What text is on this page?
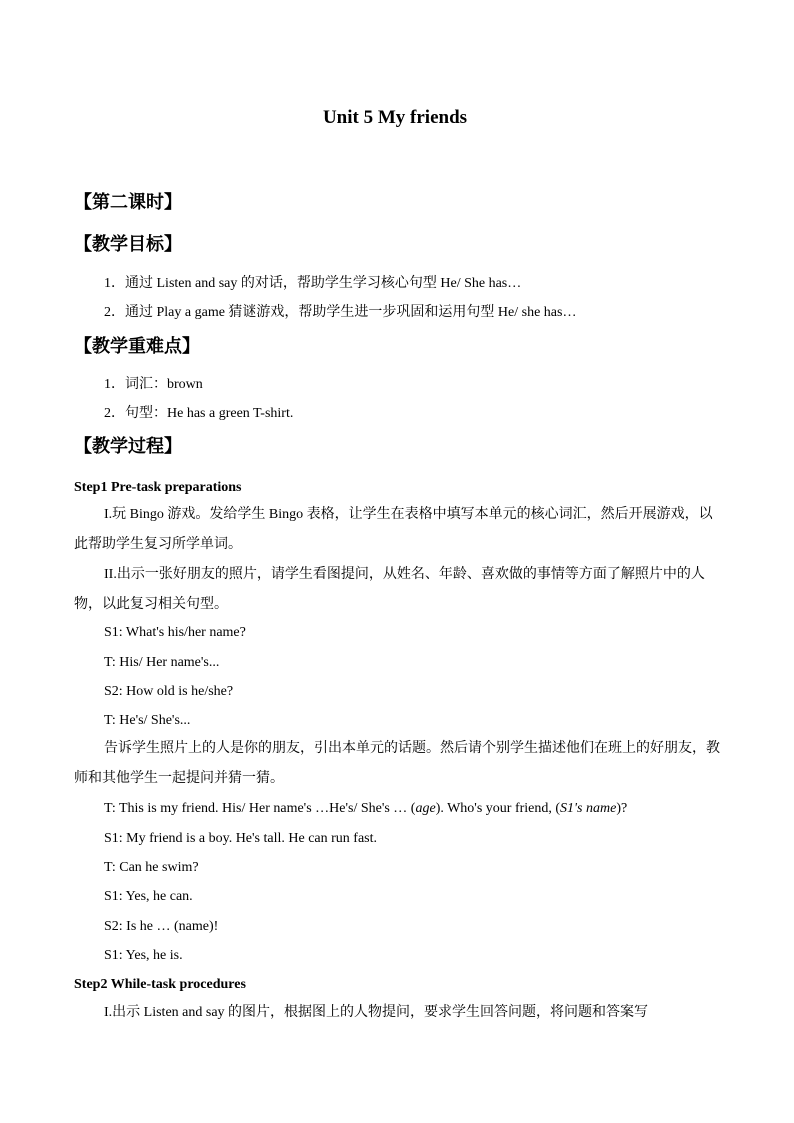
Unit 5 My friends
【第二课时】
【教学目标】
1．通过 Listen and say 的对话，帮助学生学习核心句型 He/ She has…
2．通过 Play a game 猜谜游戏，帮助学生进一步巩固和运用句型 He/ she has…
【教学重难点】
1．词汇：brown
2．句型：He has a green T-shirt.
【教学过程】
Step1 Pre-task preparations
I.玩 Bingo 游戏。发给学生 Bingo 表格，让学生在表格中填写本单元的核心词汇，然后开展游戏，以此帮助学生复习所学单词。
II.出示一张好朋友的照片，请学生看图提问，从姓名、年龄、喜欢做的事情等方面了解照片中的人物，以此复习相关句型。
S1: What's his/her name?
T: His/ Her name's...
S2: How old is he/she?
T: He's/ She's...
告诉学生照片上的人是你的朋友，引出本单元的话题。然后请个别学生描述他们在班上的好朋友，教师和其他学生一起提问并猜一猜。
T: This is my friend. His/ Her name's …He's/ She's … (age). Who's your friend, (S1's name)?
S1: My friend is a boy. He's tall. He can run fast.
T: Can he swim?
S1: Yes, he can.
S2: Is he … (name)!
S1: Yes, he is.
Step2 While-task procedures
I.出示 Listen and say 的图片，根据图上的人物提问，要求学生回答问题，将问题和答案写
